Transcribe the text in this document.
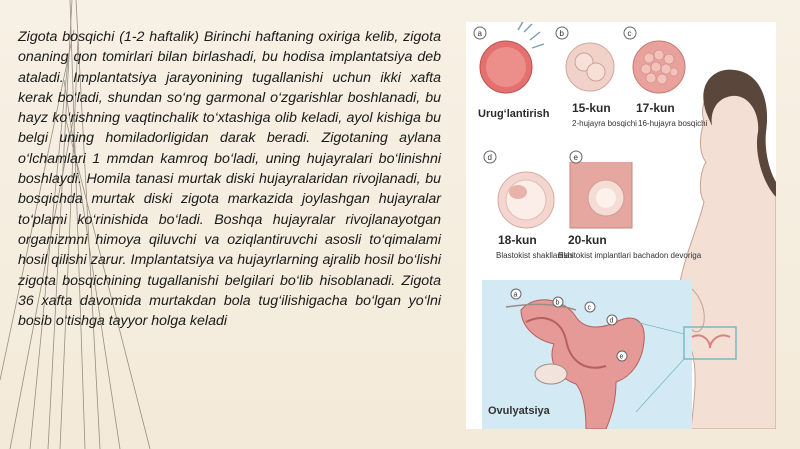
Zigota bosqichi (1-2 haftalik) Birinchi haftaning oxiriga kelib, zigota onaning qon tomirlari bilan birlashadi, bu hodisa implantatsiya deb ataladi. Implantatsiya jarayonining tugallanishi uchun ikki xafta kerak bo‘ladi, shundan so‘ng garmonal o‘zgarishlar boshlanadi, bu hayz ko‘rishning vaqtinchalik to‘xtashiga olib keladi, ayol kishiga bu belgi uning homiladorligidan darak beradi. Zigotaning aylana o‘lchamlari 1 mmdan kamroq bo‘ladi, uning hujayralari bo‘linishni boshlaydi. Homila tanasi murtak diski hujayralaridan rivojlanadi, bu bosqichda murtak diski zigota markazida joylashgan hujayralar to‘plami ko‘rinishida bo‘ladi. Boshqa hujayralar rivojlanayotgan organizmni himoya qiluvchi va oziqlantiruvchi asosli to‘qimalami hosil qilishi zarur. Implantatsiya va hujayrlarning ajralib hosil bo‘lishi zigota bosqichining tugallanishi belgilari bo‘lib hisoblanadi. Zigota 36 xafta davomida murtakdan bola tug‘ilishigacha bo‘lgan yo‘lni bosib o‘tishga tayyor holga keladi
Ovulyatsiya
Urug‘lantirish 15-kun
2-hujayra bosqichi
17-kun
16-hujayra bosqichi
18-kun
Blastokist shakllanishi
20-kun
Blastokist implantlari bachadon devoriga
a	b	c
d	e
a
b
c
d
e
